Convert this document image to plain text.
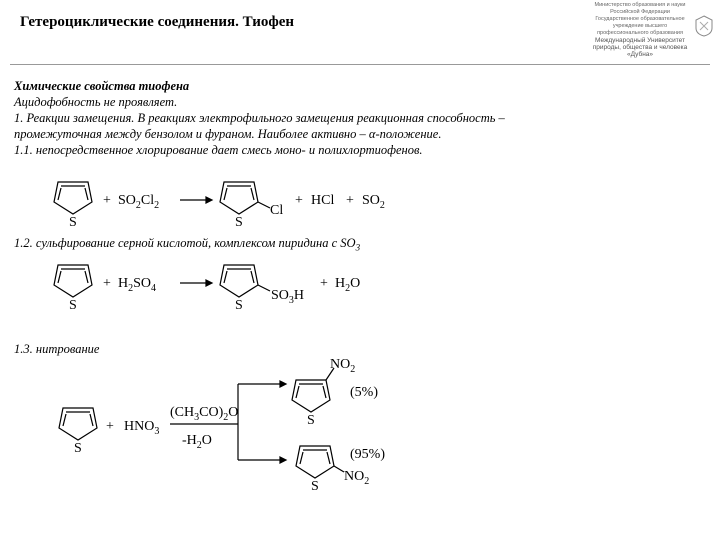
Гетероциклические соединения. Тиофен
Министерство образования и науки
Российской Федерации
Государственное образовательное
учреждение высшего
профессионального образования
Международный Университет
природы, общества и человека
«Дубна»
Химические свойства тиофена
Ацидофобность не проявляет.
1. Реакции замещения. В реакциях электрофильного замещения реакционная способность –
промежуточная между бензолом и фураном. Наиболее активно – α-положение.
1.1. непосредственное хлорирование дает смесь моно- и полихлортиофенов.
S
+ $SO_2Cl_2$
S
Cl
+ HCl + $SO_2$
1.2. сульфирование серной кислотой, комплексом пиридина с $SO_3$
S
+ $H_2SO_4$
S
$SO_3H$
+ $H_2O$
1.3. нитрование
S
+ $HNO_3$
$(CH_3CO)_2O$
$-H_2O$
S
$NO_2$
(5%)
S
(95%)
$NO_2$
